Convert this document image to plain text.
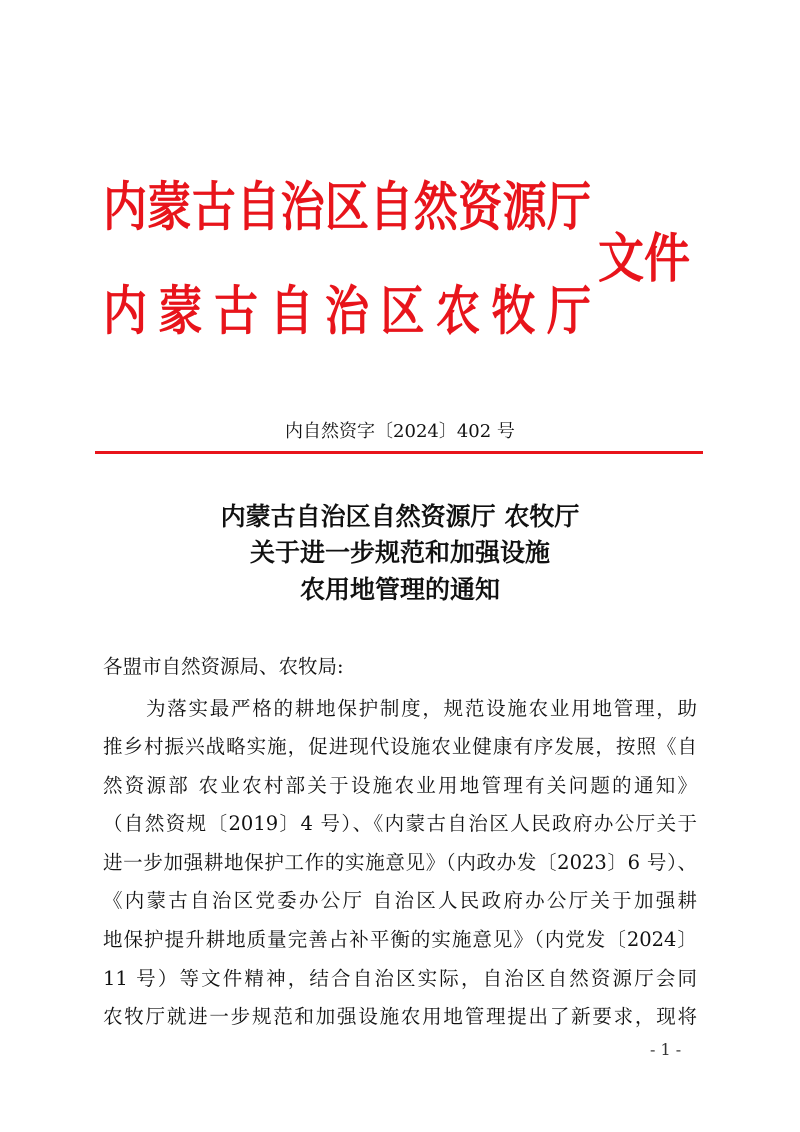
内蒙古自治区自然资源厅
内蒙古自治区农牧厅
文件
内自然资字〔2024〕402 号
内蒙古自治区自然资源厅 农牧厅
关于进一步规范和加强设施
农用地管理的通知
各盟市自然资源局、农牧局:
为落实最严格的耕地保护制度，规范设施农业用地管理，助
推乡村振兴战略实施，促进现代设施农业健康有序发展，按照《自
然资源部 农业农村部关于设施农业用地管理有关问题的通知》
（自然资规〔2019〕4 号）、《内蒙古自治区人民政府办公厅关于
进一步加强耕地保护工作的实施意见》（内政办发〔2023〕6 号）、
《内蒙古自治区党委办公厅 自治区人民政府办公厅关于加强耕
地保护提升耕地质量完善占补平衡的实施意见》（内党发〔2024〕
11 号）等文件精神，结合自治区实际，自治区自然资源厅会同
农牧厅就进一步规范和加强设施农用地管理提出了新要求，现将
- 1 -
